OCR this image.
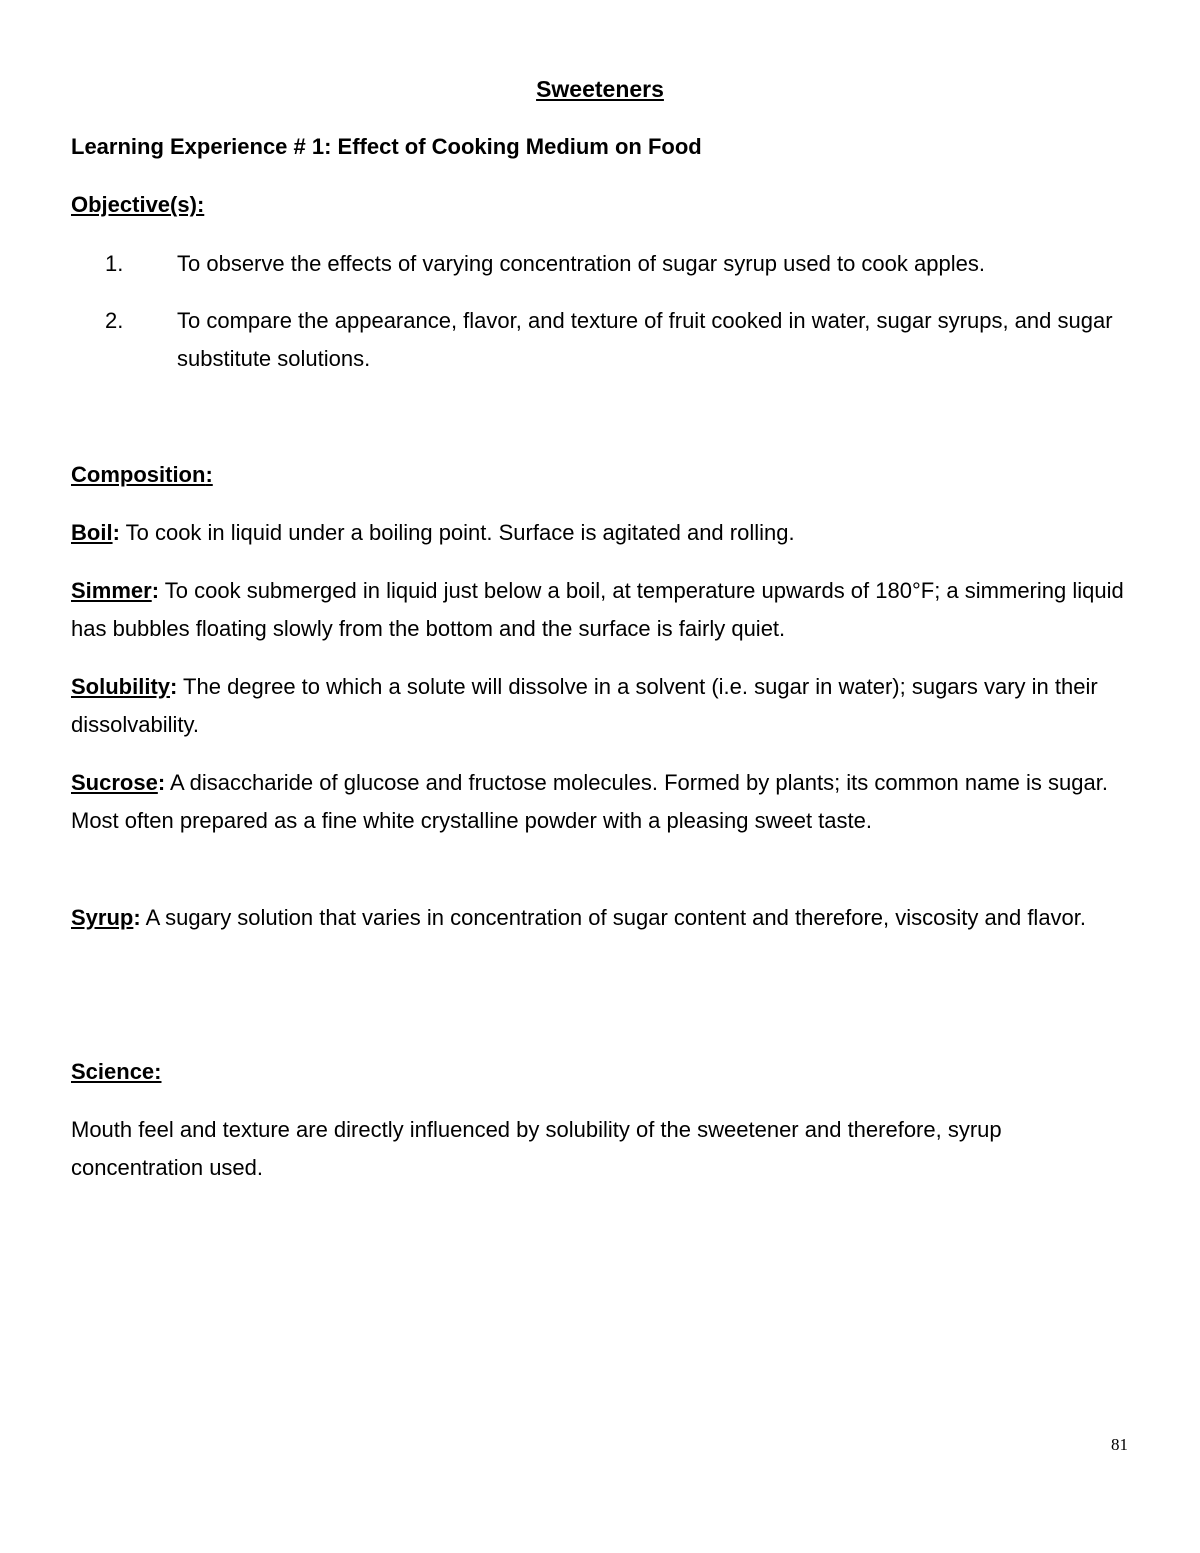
Sweeteners
Learning Experience # 1: Effect of Cooking Medium on Food
Objective(s):
1. To observe the effects of varying concentration of sugar syrup used to cook apples.
2. To compare the appearance, flavor, and texture of fruit cooked in water, sugar syrups, and sugar substitute solutions.
Composition:

Boil: To cook in liquid under a boiling point. Surface is agitated and rolling.

Simmer: To cook submerged in liquid just below a boil, at temperature upwards of 180°F; a simmering liquid has bubbles floating slowly from the bottom and the surface is fairly quiet.

Solubility: The degree to which a solute will dissolve in a solvent (i.e. sugar in water); sugars vary in their dissolvability.

Sucrose: A disaccharide of glucose and fructose molecules. Formed by plants; its common name is sugar. Most often prepared as a fine white crystalline powder with a pleasing sweet taste.

Syrup: A sugary solution that varies in concentration of sugar content and therefore, viscosity and flavor.

Science:

Mouth feel and texture are directly influenced by solubility of the sweetener and therefore, syrup concentration used.

81
